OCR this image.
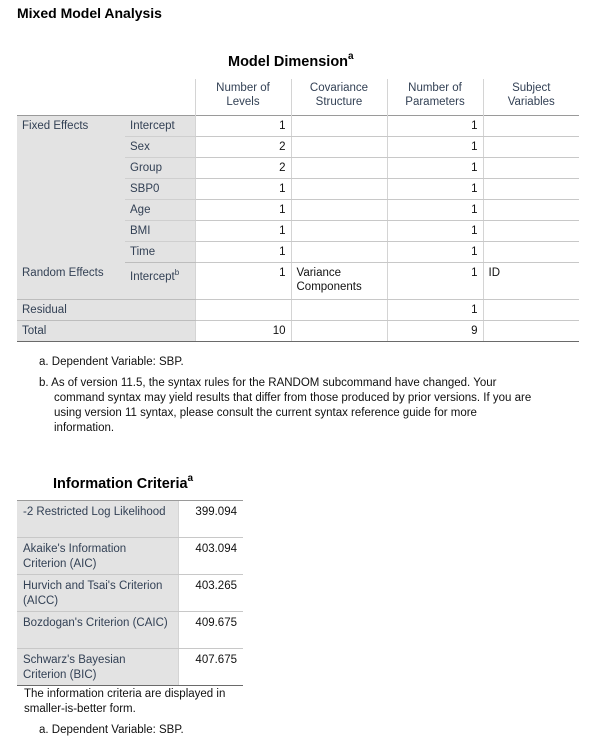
Mixed Model Analysis
Model Dimension$^a$
		Number of Levels	Covariance Structure	Number of Parameters	Subject Variables
Fixed Effects	Intercept	1		1	
	Sex	2		1	
	Group	2		1	
	SBP0	1		1	
	Age	1		1	
	BMI	1		1	
	Time	1		1	
Random Effects	Intercept$^b$	1	Variance Components	1	ID
Residual				1	
Total		10		9	
a. Dependent Variable: SBP.
b. As of version 11.5, the syntax rules for the RANDOM subcommand have changed. Your command syntax may yield results that differ from those produced by prior versions. If you are using version 11 syntax, please consult the current syntax reference guide for more information.
Information Criteria$^a$
-2 Restricted Log Likelihood	399.094
Akaike's Information Criterion (AIC)	403.094
Hurvich and Tsai's Criterion (AICC)	403.265
Bozdogan's Criterion (CAIC)	409.675
Schwarz's Bayesian Criterion (BIC)	407.675
The information criteria are displayed in smaller-is-better form.
a. Dependent Variable: SBP.
